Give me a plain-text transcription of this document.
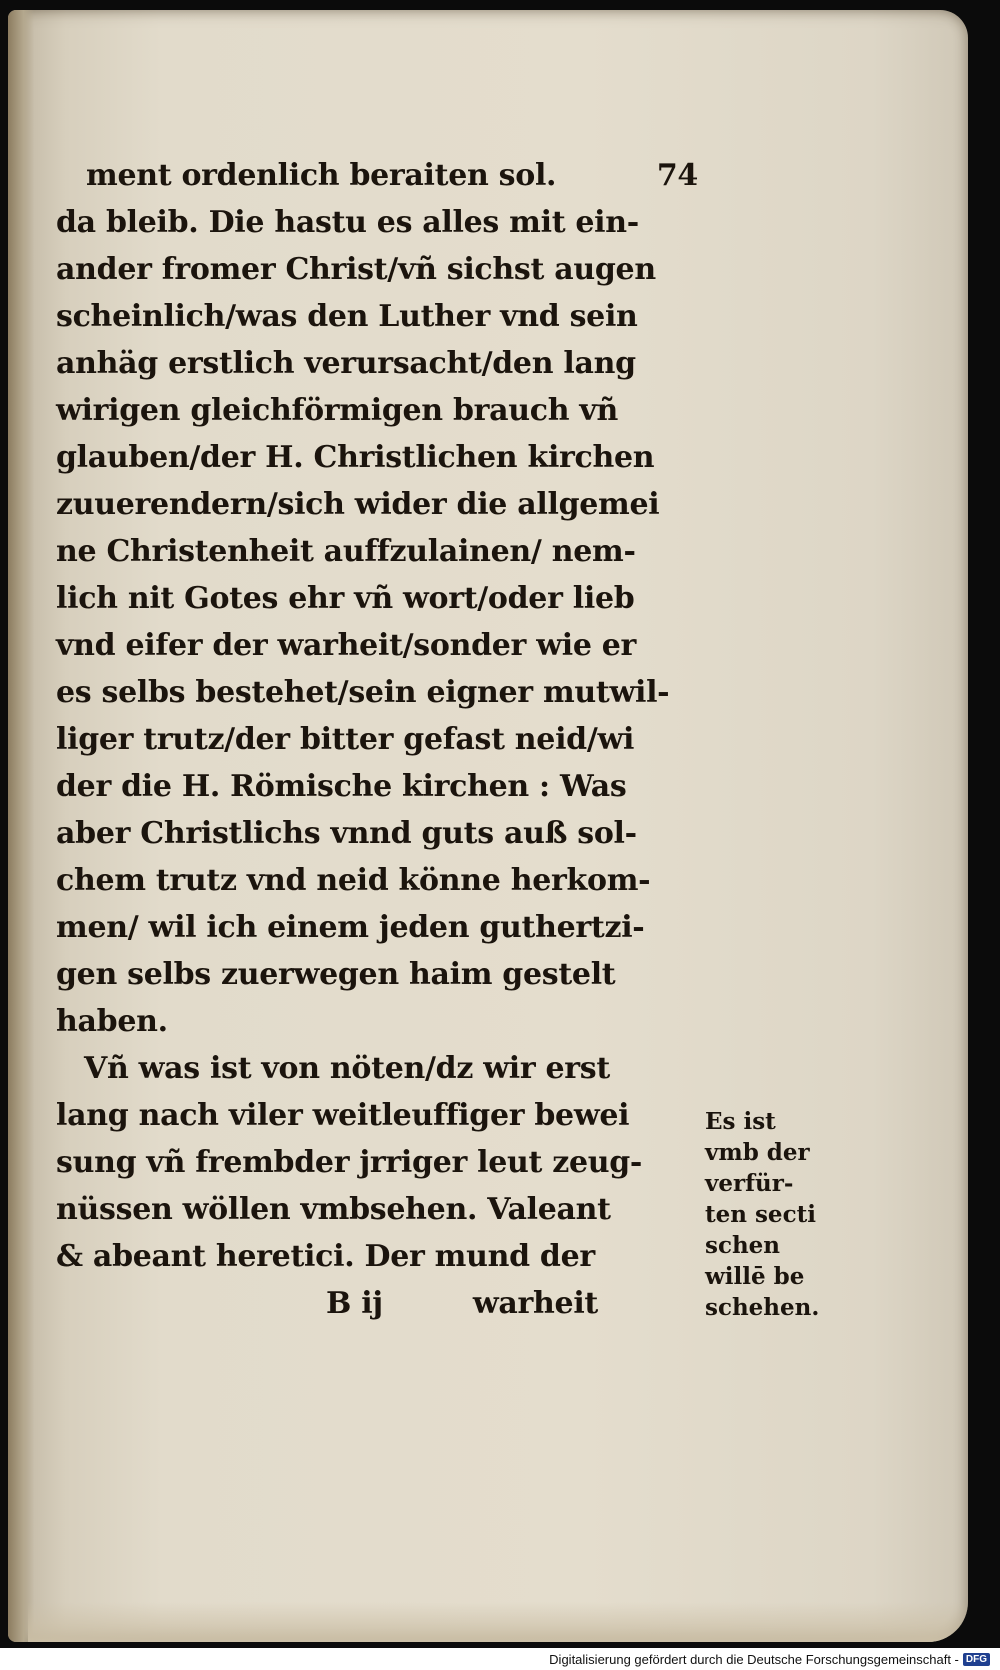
ment ordenlich beraiten sol.	74
da bleib. Die hastu es alles mit ein-
ander fromer Christ/vñ sichst augen
scheinlich/was den Luther vnd sein
anhäg erstlich verursacht/den lang
wirigen gleichförmigen brauch vñ
glauben/der H. Christlichen kirchen
zuuerendern/sich wider die allgemei
ne Christenheit auffzulainen/ nem-
lich nit Gotes ehr vñ wort/oder lieb
vnd eifer der warheit/sonder wie er
es selbs bestehet/sein eigner mutwil-
liger trutz/der bitter gefast neid/wi
der die H. Römische kirchen : Was
aber Christlichs vnnd guts auß sol-
chem trutz vnd neid könne herkom-
men/ wil ich einem jeden guthertzi-
gen selbs zuerwegen haim gestelt
haben.
Vñ was ist von nöten/dz wir erst
lang nach viler weitleuffiger bewei
sung vñ frembder jrriger leut zeug-
nüssen wöllen vmbsehen. Valeant
& abeant heretici. Der mund der
B ij	warheit
Es ist
vmb der
verfür-
ten secti
schen
willē be
schehen.
Digitalisierung gefördert durch die Deutsche Forschungsgemeinschaft - DFG
